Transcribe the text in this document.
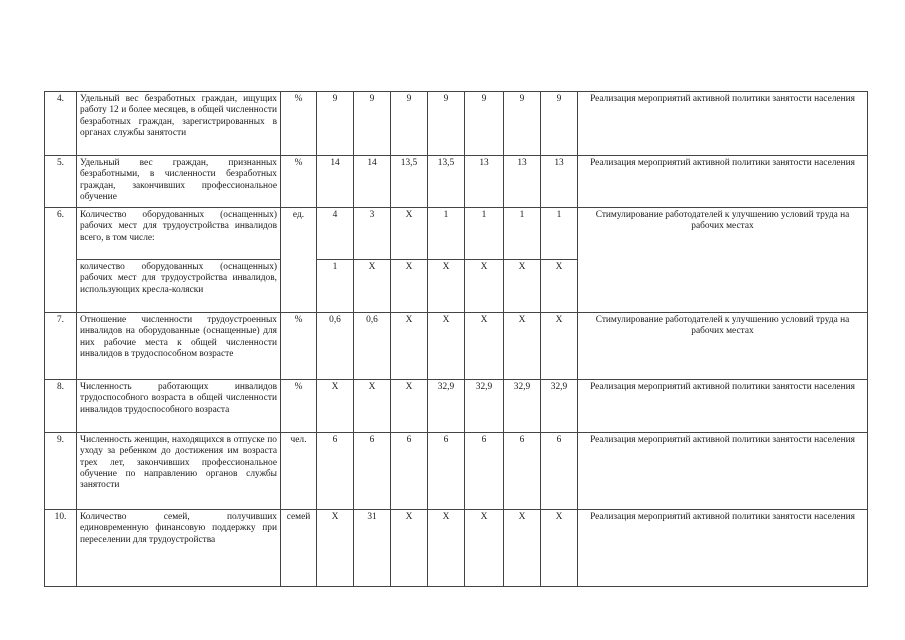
4.	Удельный вес безработных граждан, ищущих работу 12 и более месяцев, в общей численности безработных граждан, зарегистрированных в органах службы занятости	%	9	9	9	9	9	9	9	Реализация мероприятий активной политики занятости населения
5.	Удельный вес граждан, признанных безработными, в численности безработных граждан, закончивших профессиональное обучение	%	14	14	13,5	13,5	13	13	13	Реализация мероприятий активной политики занятости населения
6.	Количество оборудованных (оснащенных) рабочих мест для трудоустройства инвалидов всего, в том числе:	ед.	4	3	X	1	1	1	1	Стимулирование работодателей к улучшению условий труда на рабочих местах
	количество оборудованных (оснащенных) рабочих мест для трудоустройства инвалидов, использующих кресла-коляски		1	X	X	X	X	X	X	
7.	Отношение численности трудоустроенных инвалидов на оборудованные (оснащенные) для них рабочие места к общей численности инвалидов в трудоспособном возрасте	%	0,6	0,6	X	X	X	X	X	Стимулирование работодателей к улучшению условий труда на рабочих местах
8.	Численность работающих инвалидов трудоспособного возраста в общей численности инвалидов трудоспособного возраста	%	X	X	X	32,9	32,9	32,9	32,9	Реализация мероприятий активной политики занятости населения
9.	Численность женщин, находящихся в отпуске по уходу за ребенком до достижения им возраста трех лет, закончивших профессиональное обучение по направлению органов службы занятости	чел.	6	6	6	6	6	6	6	Реализация мероприятий активной политики занятости населения
10.	Количество семей, получивших единовременную финансовую поддержку при переселении для трудоустройства	семей	X	31	X	X	X	X	X	Реализация мероприятий активной политики занятости населения
